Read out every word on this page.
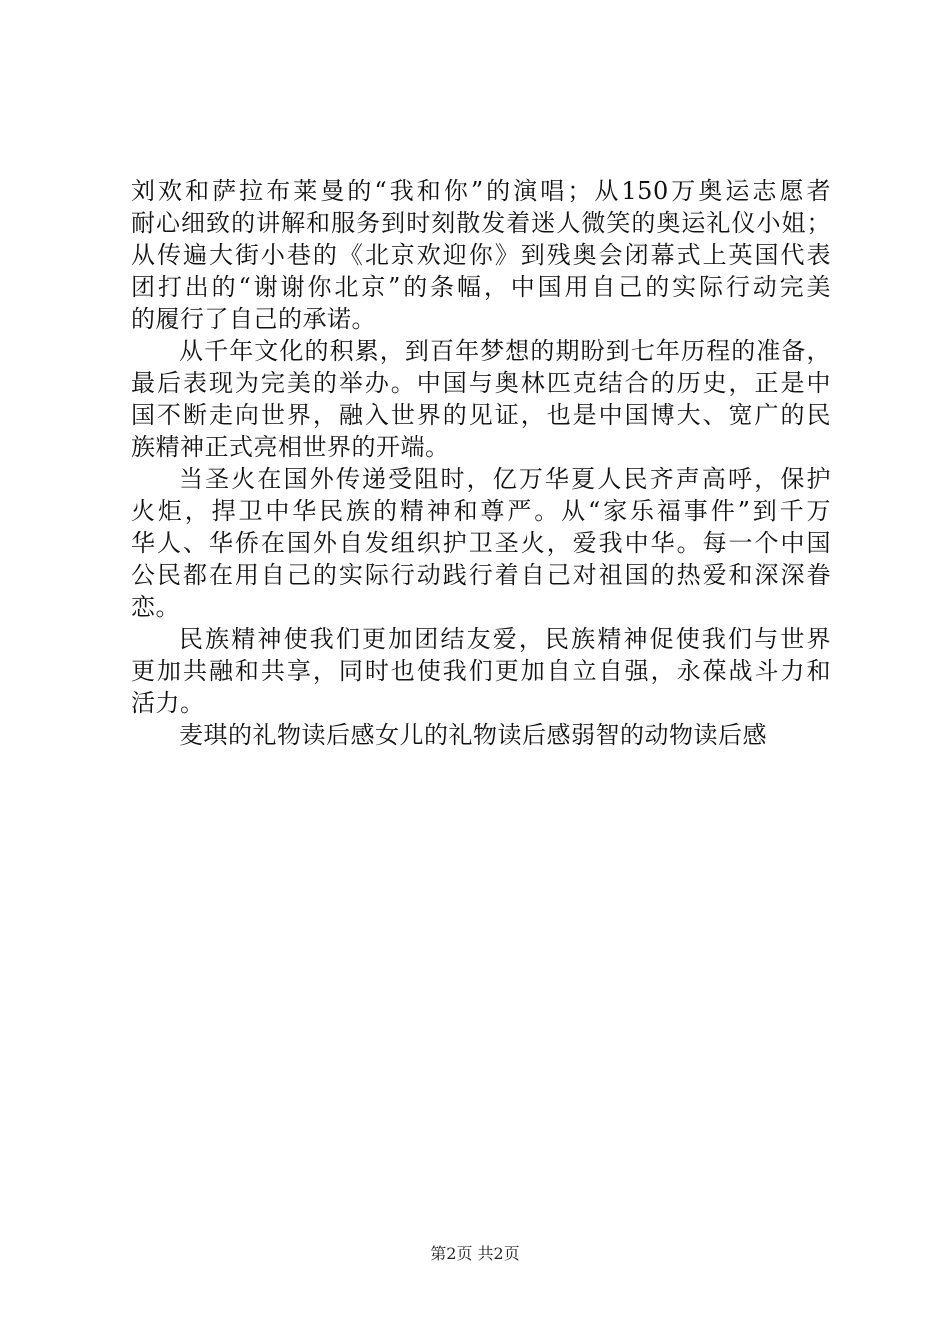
刘欢和萨拉布莱曼的“我和你”的演唱；从150万奥运志愿者
耐心细致的讲解和服务到时刻散发着迷人微笑的奥运礼仪小姐；
从传遍大街小巷的《北京欢迎你》到残奥会闭幕式上英国代表
团打出的“谢谢你北京”的条幅，中国用自己的实际行动完美
的履行了自己的承诺。
从千年文化的积累，到百年梦想的期盼到七年历程的准备，
最后表现为完美的举办。中国与奥林匹克结合的历史，正是中
国不断走向世界，融入世界的见证，也是中国博大、宽广的民
族精神正式亮相世界的开端。
当圣火在国外传递受阻时，亿万华夏人民齐声高呼，保护
火炬，捍卫中华民族的精神和尊严。从“家乐福事件”到千万
华人、华侨在国外自发组织护卫圣火，爱我中华。每一个中国
公民都在用自己的实际行动践行着自己对祖国的热爱和深深眷
恋。
民族精神使我们更加团结友爱，民族精神促使我们与世界
更加共融和共享，同时也使我们更加自立自强，永葆战斗力和
活力。
麦琪的礼物读后感女儿的礼物读后感弱智的动物读后感
第2页 共2页
